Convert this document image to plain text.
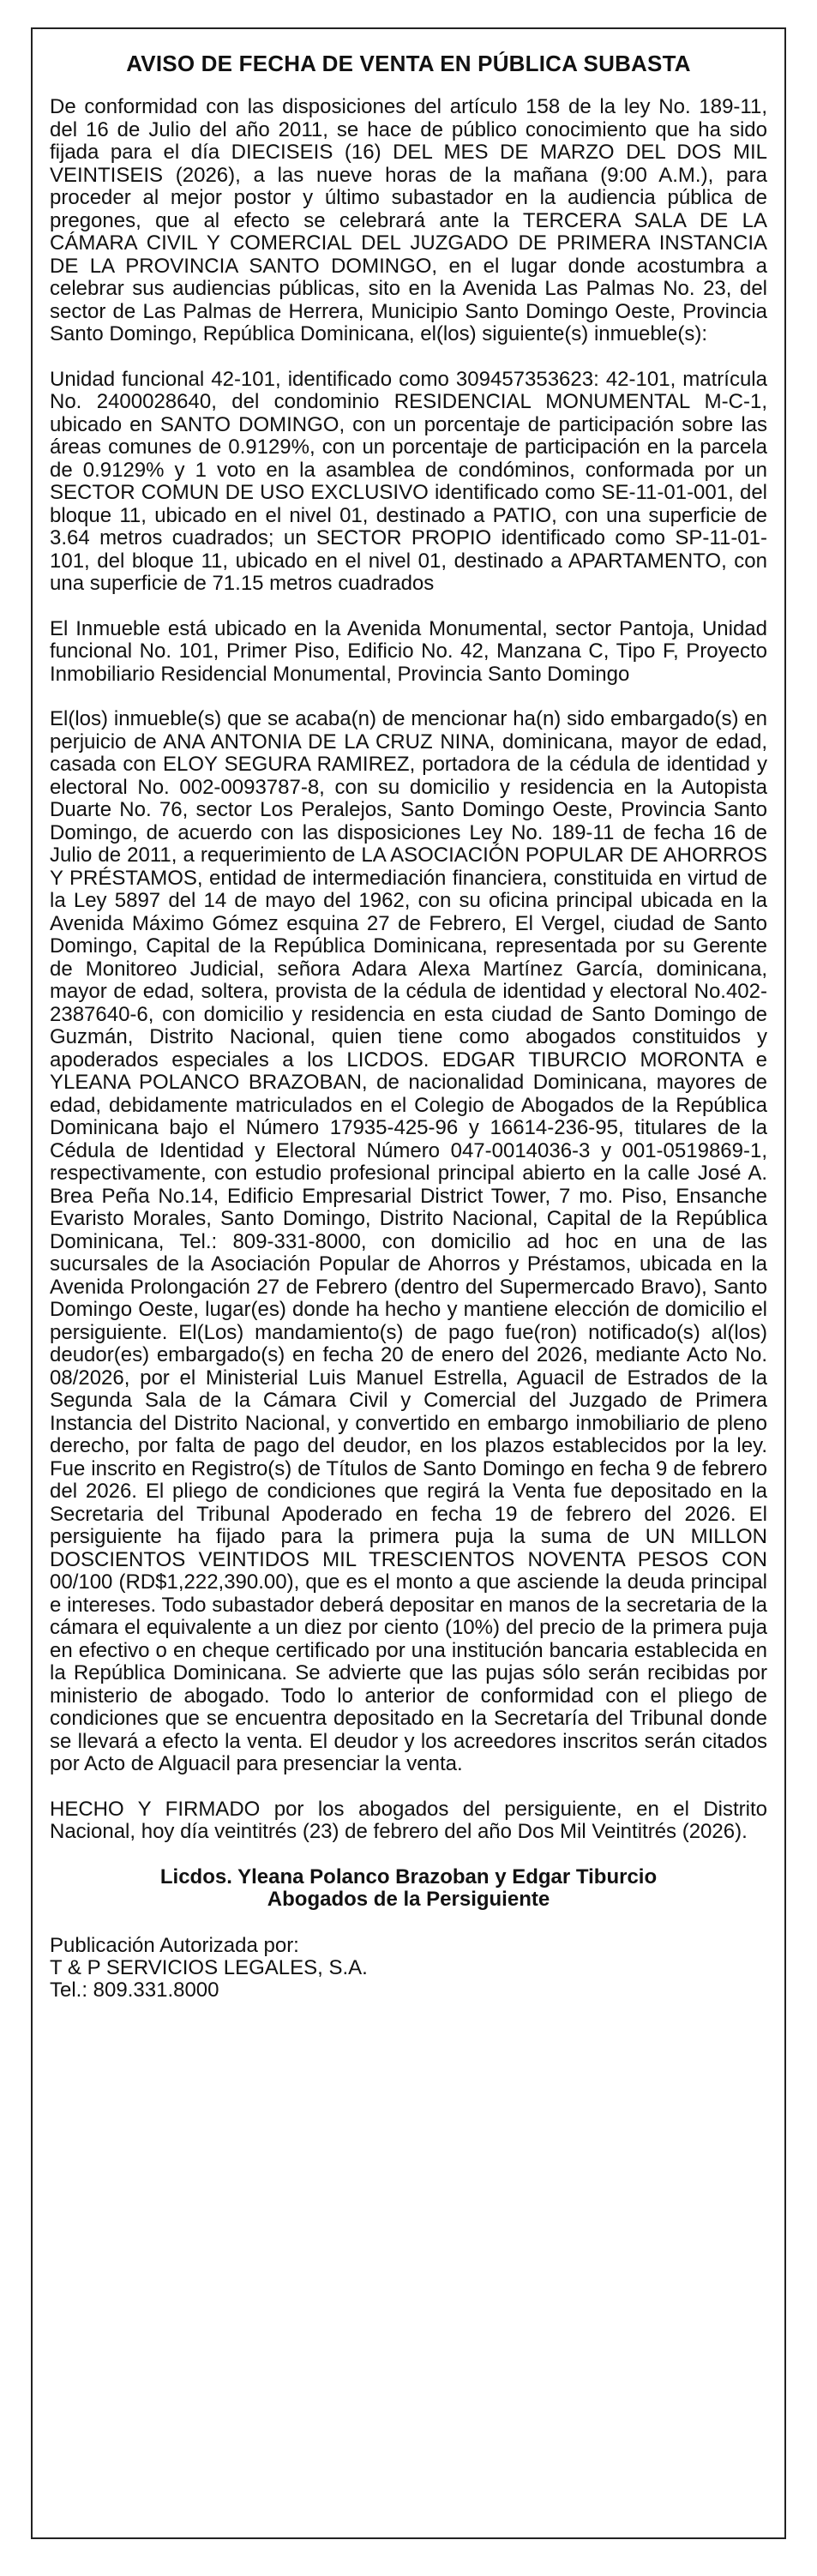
AVISO DE FECHA DE VENTA EN PÚBLICA SUBASTA

De conformidad con las disposiciones del artículo 158 de la ley No. 189-11, del 16 de Julio del año 2011, se hace de público conocimiento que ha sido fijada para el día DIECISEIS (16) DEL MES DE MARZO DEL DOS MIL VEINTISEIS (2026), a las nueve horas de la mañana (9:00 A.M.), para proceder al mejor postor y último subastador en la audiencia pública de pregones, que al efecto se celebrará ante la TERCERA SALA DE LA CÁMARA CIVIL Y COMERCIAL DEL JUZGADO DE PRIMERA INSTANCIA DE LA PROVINCIA SANTO DOMINGO, en el lugar donde acostumbra a celebrar sus audiencias públicas, sito en la Avenida Las Palmas No. 23, del sector de Las Palmas de Herrera, Municipio Santo Domingo Oeste, Provincia Santo Domingo, República Dominicana, el(los) siguiente(s) inmueble(s):

Unidad funcional 42-101, identificado como 309457353623: 42-101, matrícula No. 2400028640, del condominio RESIDENCIAL MONUMENTAL M-C-1, ubicado en SANTO DOMINGO, con un porcentaje de participación sobre las áreas comunes de 0.9129%, con un porcentaje de participación en la parcela de 0.9129% y 1 voto en la asamblea de condóminos, conformada por un SECTOR COMUN DE USO EXCLUSIVO identificado como SE-11-01-001, del bloque 11, ubicado en el nivel 01, destinado a PATIO, con una superficie de 3.64 metros cuadrados; un SECTOR PROPIO identificado como SP-11-01-101, del bloque 11, ubicado en el nivel 01, destinado a APARTAMENTO, con una superficie de 71.15 metros cuadrados

El Inmueble está ubicado en la Avenida Monumental, sector Pantoja, Unidad funcional No. 101, Primer Piso, Edificio No. 42, Manzana C, Tipo F, Proyecto Inmobiliario Residencial Monumental, Provincia Santo Domingo

El(los) inmueble(s) que se acaba(n) de mencionar ha(n) sido embargado(s) en perjuicio de ANA ANTONIA DE LA CRUZ NINA, dominicana, mayor de edad, casada con ELOY SEGURA RAMIREZ, portadora de la cédula de identidad y electoral No. 002-0093787-8, con su domicilio y residencia en la Autopista Duarte No. 76, sector Los Peralejos, Santo Domingo Oeste, Provincia Santo Domingo, de acuerdo con las disposiciones Ley No. 189-11 de fecha 16 de Julio de 2011, a requerimiento de LA ASOCIACIÓN POPULAR DE AHORROS Y PRÉSTAMOS, entidad de intermediación financiera, constituida en virtud de la Ley 5897 del 14 de mayo del 1962, con su oficina principal ubicada en la Avenida Máximo Gómez esquina 27 de Febrero, El Vergel, ciudad de Santo Domingo, Capital de la República Dominicana, representada por su Gerente de Monitoreo Judicial, señora Adara Alexa Martínez García, dominicana, mayor de edad, soltera, provista de la cédula de identidad y electoral No.402-2387640-6, con domicilio y residencia en esta ciudad de Santo Domingo de Guzmán, Distrito Nacional, quien tiene como abogados constituidos y apoderados especiales a los LICDOS. EDGAR TIBURCIO MORONTA e YLEANA POLANCO BRAZOBAN, de nacionalidad Dominicana, mayores de edad, debidamente matriculados en el Colegio de Abogados de la República Dominicana bajo el Número 17935-425-96 y 16614-236-95, titulares de la Cédula de Identidad y Electoral Número 047-0014036-3 y 001-0519869-1, respectivamente, con estudio profesional principal abierto en la calle José A. Brea Peña No.14, Edificio Empresarial District Tower, 7 mo. Piso, Ensanche Evaristo Morales, Santo Domingo, Distrito Nacional, Capital de la República Dominicana, Tel.: 809-331-8000, con domicilio ad hoc en una de las sucursales de la Asociación Popular de Ahorros y Préstamos, ubicada en la Avenida Prolongación 27 de Febrero (dentro del Supermercado Bravo), Santo Domingo Oeste, lugar(es) donde ha hecho y mantiene elección de domicilio el persiguiente. El(Los) mandamiento(s) de pago fue(ron) notificado(s) al(los) deudor(es) embargado(s) en fecha 20 de enero del 2026, mediante Acto No. 08/2026, por el Ministerial Luis Manuel Estrella, Aguacil de Estrados de la Segunda Sala de la Cámara Civil y Comercial del Juzgado de Primera Instancia del Distrito Nacional, y convertido en embargo inmobiliario de pleno derecho, por falta de pago del deudor, en los plazos establecidos por la ley. Fue inscrito en Registro(s) de Títulos de Santo Domingo en fecha 9 de febrero del 2026. El pliego de condiciones que regirá la Venta fue depositado en la Secretaria del Tribunal Apoderado en fecha 19 de febrero del 2026. El persiguiente ha fijado para la primera puja la suma de UN MILLON DOSCIENTOS VEINTIDOS MIL TRESCIENTOS NOVENTA PESOS CON 00/100 (RD$1,222,390.00), que es el monto a que asciende la deuda principal e intereses. Todo subastador deberá depositar en manos de la secretaria de la cámara el equivalente a un diez por ciento (10%) del precio de la primera puja en efectivo o en cheque certificado por una institución bancaria establecida en la República Dominicana. Se advierte que las pujas sólo serán recibidas por ministerio de abogado. Todo lo anterior de conformidad con el pliego de condiciones que se encuentra depositado en la Secretaría del Tribunal donde se llevará a efecto la venta. El deudor y los acreedores inscritos serán citados por Acto de Alguacil para presenciar la venta.

HECHO Y FIRMADO por los abogados del persiguiente, en el Distrito Nacional, hoy día veintitrés (23) de febrero del año Dos Mil Veintitrés (2026).

Licdos. Yleana Polanco Brazoban y Edgar Tiburcio
Abogados de la Persiguiente
Publicación Autorizada por:
T & P SERVICIOS LEGALES, S.A.
Tel.: 809.331.8000
